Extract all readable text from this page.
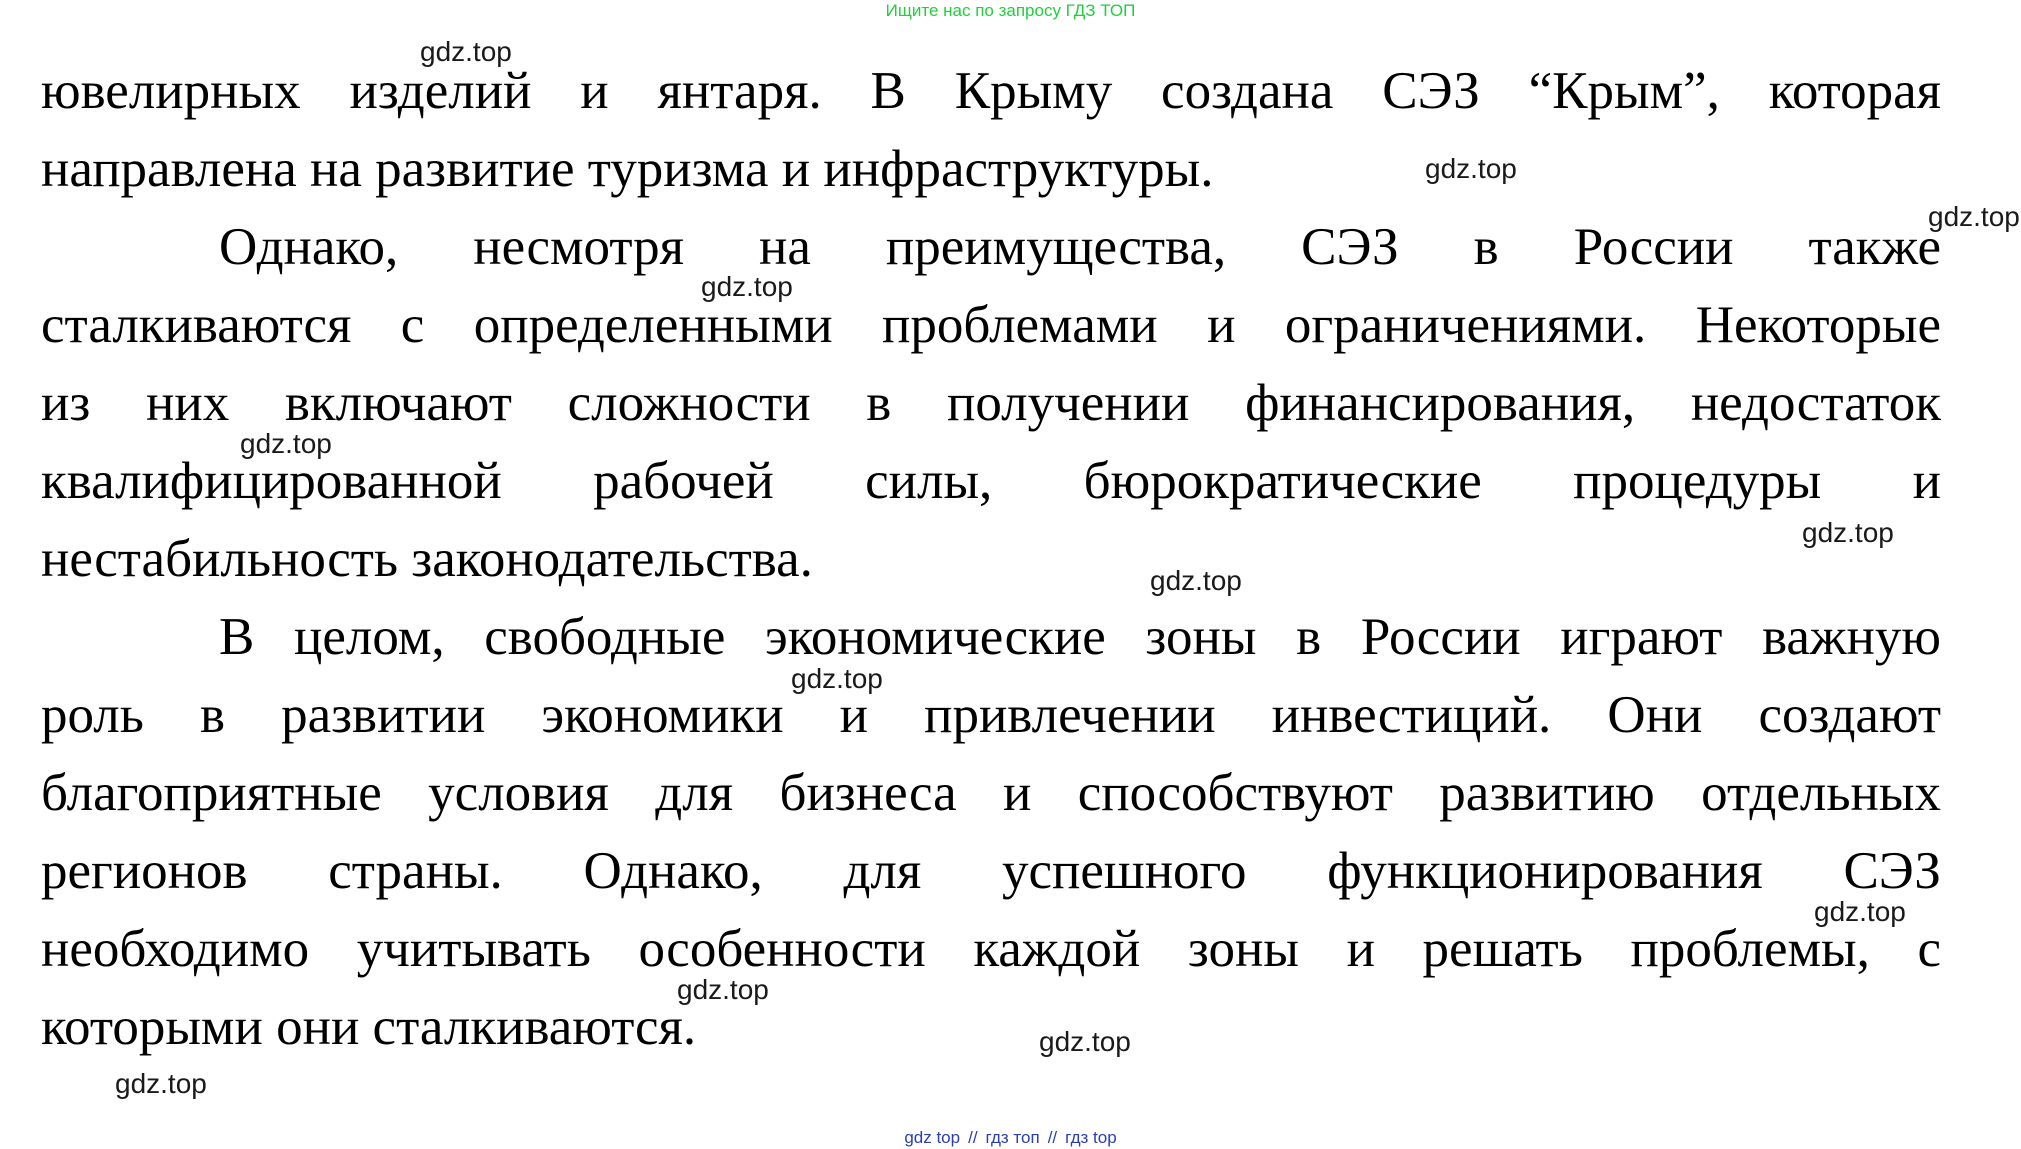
Ищите нас по запросу ГДЗ ТОП
ювелирных изделий и янтаря. В Крыму создана СЭЗ “Крым”, которая
направлена на развитие туризма и инфраструктуры.
Однако, несмотря на преимущества, СЭЗ в России также
сталкиваются с определенными проблемами и ограничениями. Некоторые
из них включают сложности в получении финансирования, недостаток
квалифицированной рабочей силы, бюрократические процедуры и
нестабильность законодательства.
В целом, свободные экономические зоны в России играют важную
роль в развитии экономики и привлечении инвестиций. Они создают
благоприятные условия для бизнеса и способствуют развитию отдельных
регионов страны. Однако, для успешного функционирования СЭЗ
необходимо учитывать особенности каждой зоны и решать проблемы, с
которыми они сталкиваются.
gdz.top
gdz.top
gdz.top
gdz.top
gdz.top
gdz.top
gdz.top
gdz.top
gdz.top
gdz.top
gdz.top
gdz.top
gdz top // гдз топ // гдз top
